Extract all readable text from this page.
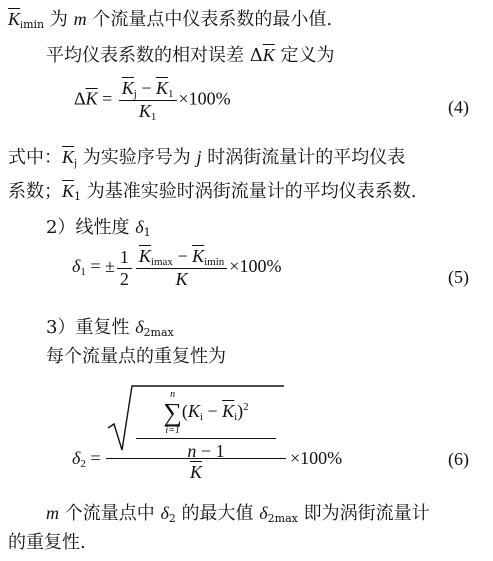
$\overline{K}_{imin}$ 为 m 个流量点中仪表系数的最小值.
平均仪表系数的相对误差 $\Delta\overline{K}$ 定义为
$\Delta\overline{K} = \frac{\overline{K}_j - \overline{K}_1}{\overline{K}_1} \times 100\%$	(4)
式中：$\overline{K}_j$ 为实验序号为 j 时涡街流量计的平均仪表
系数；$\overline{K}_1$ 为基准实验时涡街流量计的平均仪表系数.
2）线性度 $\delta_1$
$\delta_1$ = ± $\frac{1}{2} \frac{\overline{K}_{imax} - \overline{K}_{imin}}{K} \times 100\%$
(5)
3）重复性 $\delta_{2max}$
每个流量点的重复性为
$\delta_2$ =	n
∑
i=1
$(K_i - \overline{K}_i)^2$
n − 1
$\overline{K}$
×100%	(6)
m 个流量点中 $\delta_2$ 的最大值 $\delta_{2max}$ 即为涡街流量计
的重复性.
